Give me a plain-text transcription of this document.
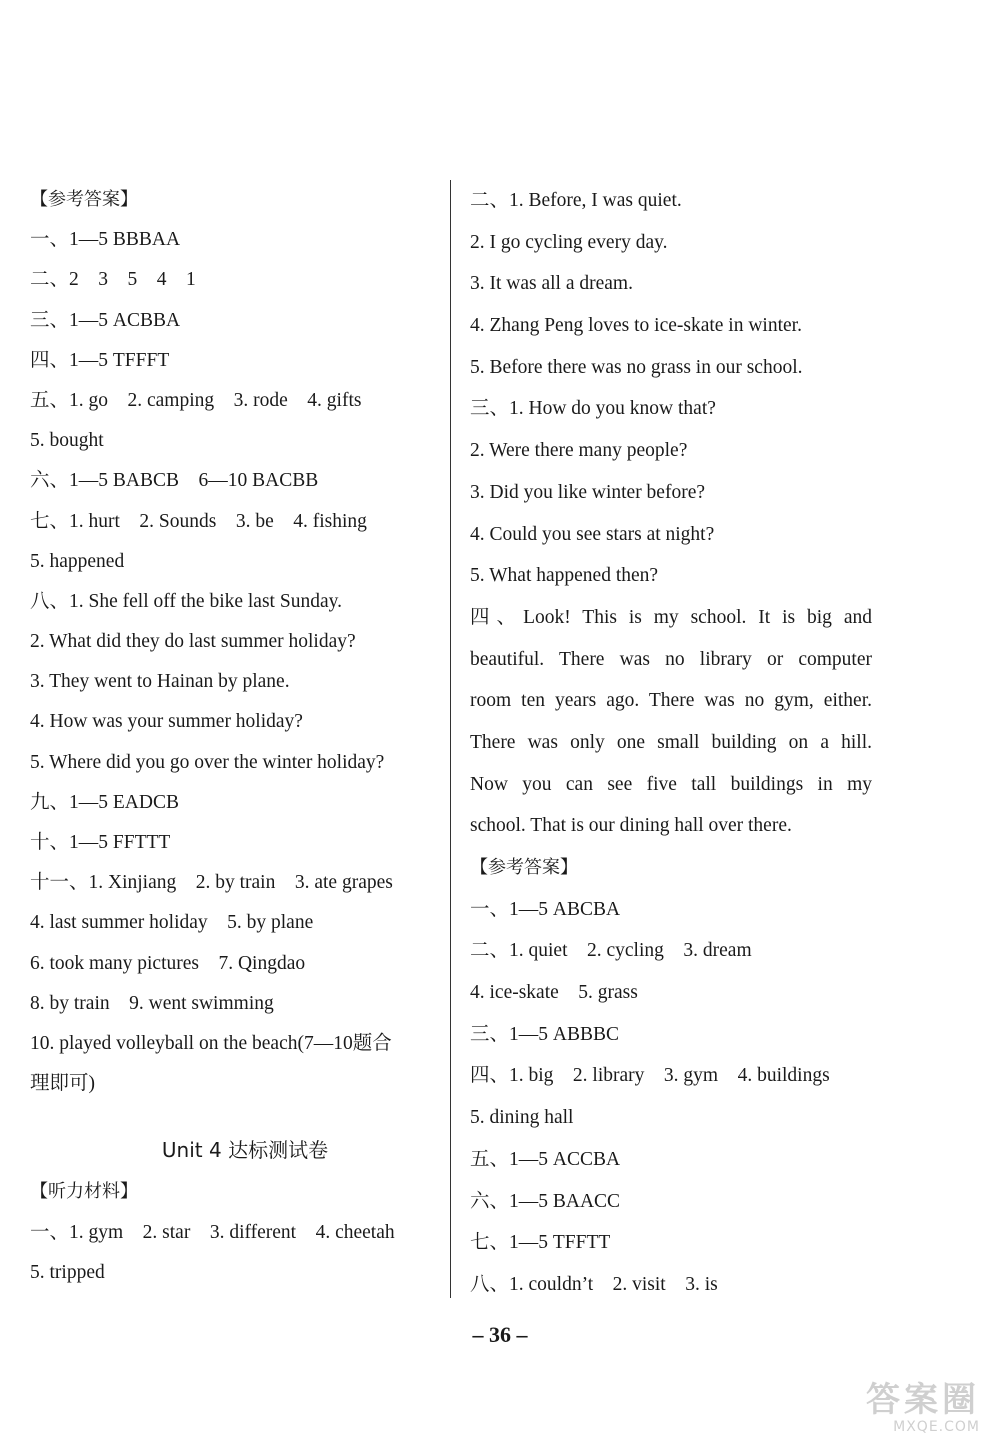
【参考答案】
一、1—5 BBBAA
二、2　3　5　4　1
三、1—5 ACBBA
四、1—5 TFFFT
五、1. go　2. camping　3. rode　4. gifts
5. bought
六、1—5 BABCB　6—10 BACBB
七、1. hurt　2. Sounds　3. be　4. fishing
5. happened
八、1. She fell off the bike last Sunday.
2. What did they do last summer holiday?
3. They went to Hainan by plane.
4. How was your summer holiday?
5. Where did you go over the winter holiday?
九、1—5 EADCB
十、1—5 FFTTT
十一、1. Xinjiang　2. by train　3. ate grapes
4. last summer holiday　5. by plane
6. took many pictures　7. Qingdao
8. by train　9. went swimming
10. played volleyball on the beach(7—10题合
理即可)
Unit 4 达标测试卷
【听力材料】
一、1. gym　2. star　3. different　4. cheetah
5. tripped
二、1. Before, I was quiet.
2. I go cycling every day.
3. It was all a dream.
4. Zhang Peng loves to ice-skate in winter.
5. Before there was no grass in our school.
三、1. How do you know that?
2. Were there many people?
3. Did you like winter before?
4. Could you see stars at night?
5. What happened then?
四、Look! This is my school. It is big and
beautiful. There was no library or computer
room ten years ago. There was no gym, either.
There was only one small building on a hill.
Now you can see five tall buildings in my
school. That is our dining hall over there.
【参考答案】
一、1—5 ABCBA
二、1. quiet　2. cycling　3. dream
4. ice-skate　5. grass
三、1—5 ABBBC
四、1. big　2. library　3. gym　4. buildings
5. dining hall
五、1—5 ACCBA
六、1—5 BAACC
七、1—5 TFFTT
八、1. couldn’t　2. visit　3. is
– 36 –
答案圈
MXQE.COM
